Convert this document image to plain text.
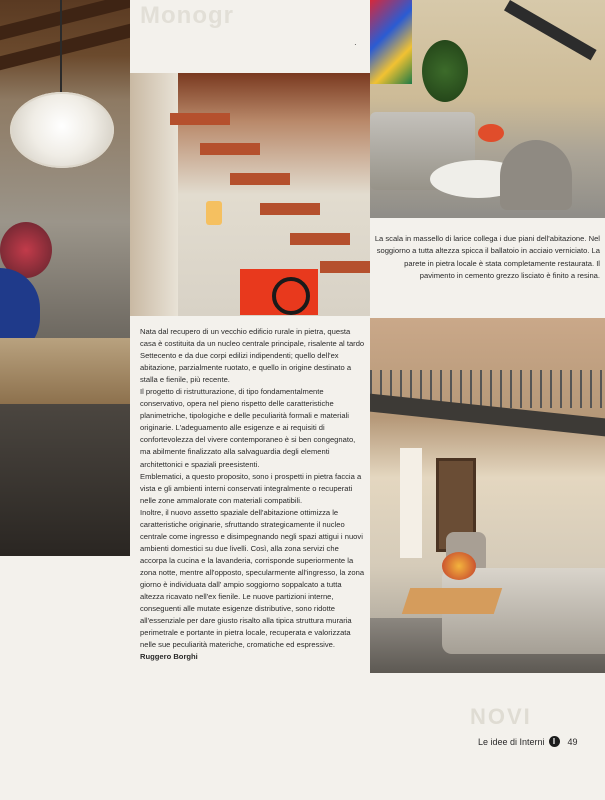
Monogr
NOVI
·
La scala in massello di larice collega i due piani dell'abitazione. Nel soggiorno a tutta altezza spicca il ballatoio in acciaio verniciato. La parete in pietra locale è stata completamente restaurata. Il pavimento in cemento grezzo lisciato è finito a resina.

Nata dal recupero di un vecchio edificio rurale in pietra, questa casa è costituita da un nucleo centrale principale, risalente al tardo Settecento e da due corpi edilizi indipendenti; quello dell'ex abitazione, parzialmente ruotato, e quello in origine destinato a stalla e fienile, più recente.

Il progetto di ristrutturazione, di tipo fondamentalmente conservativo, opera nel pieno rispetto delle caratteristiche planimetriche, tipologiche e delle peculiarità formali e materiali originarie. L'adeguamento alle esigenze e ai requisiti di confortevolezza del vivere contemporaneo è si ben congegnato, ma abilmente finalizzato alla salvaguardia degli elementi architettonici e spaziali preesistenti.

Emblematici, a questo proposito, sono i prospetti in pietra faccia a vista e gli ambienti interni conservati integralmente o recuperati nelle zone ammalorate con materiali compatibili.

Inoltre, il nuovo assetto spaziale dell'abitazione ottimizza le caratteristiche originarie, sfruttando strategicamente il nucleo centrale come ingresso e disimpegnando negli spazi attigui i nuovi ambienti domestici su due livelli. Così, alla zona servizi che accorpa la cucina e la lavanderia, corrisponde superiormente la zona notte, mentre all'opposto, specularmente all'ingresso, la zona giorno è individuata dall' ampio soggiorno soppalcato a tutta altezza ricavato nell'ex fienile. Le nuove partizioni interne, conseguenti alle mutate esigenze distributive, sono ridotte all'essenziale per dare giusto risalto alla tipica struttura muraria perimetrale e portante in pietra locale, recuperata e valorizzata nelle sue peculiarità materiche, cromatiche ed espressive. Ruggero Borghi

Le idee di Interni	I	49
